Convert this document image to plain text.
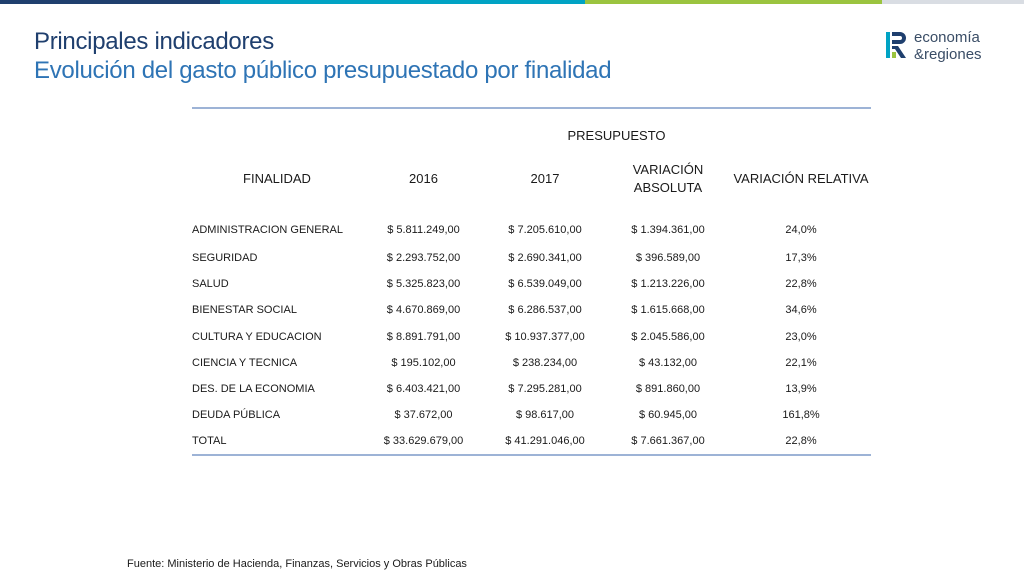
Principales indicadores
Evolución del gasto público presupuestado por finalidad
economía
&regiones
	PRESUPUESTO			
FINALIDAD	2016	2017	VARIACIÓN ABSOLUTA	VARIACIÓN RELATIVA

ADMINISTRACION GENERAL	$ 5.811.249,00	$ 7.205.610,00	$ 1.394.361,00	24,0%
SEGURIDAD	$ 2.293.752,00	$ 2.690.341,00	$ 396.589,00	17,3%
SALUD	$ 5.325.823,00	$ 6.539.049,00	$ 1.213.226,00	22,8%
BIENESTAR SOCIAL	$ 4.670.869,00	$ 6.286.537,00	$ 1.615.668,00	34,6%
CULTURA Y EDUCACION	$ 8.891.791,00	$ 10.937.377,00	$ 2.045.586,00	23,0%
CIENCIA Y TECNICA	$ 195.102,00	$ 238.234,00	$ 43.132,00	22,1%
DES. DE LA ECONOMIA	$ 6.403.421,00	$ 7.295.281,00	$ 891.860,00	13,9%
DEUDA PÚBLICA	$ 37.672,00	$ 98.617,00	$ 60.945,00	161,8%
TOTAL	$ 33.629.679,00	$ 41.291.046,00	$ 7.661.367,00	22,8%
Fuente: Ministerio de Hacienda, Finanzas, Servicios y Obras Públicas
